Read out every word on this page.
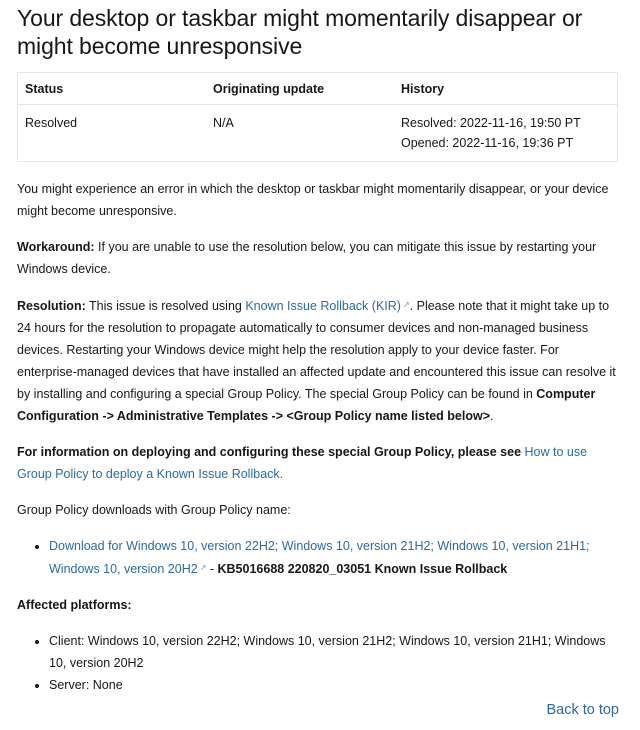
Your desktop or taskbar might momentarily disappear or might become unresponsive
Status	Originating update	History
Resolved	N/A	Resolved: 2022-11-16, 19:50 PT
Opened: 2022-11-16, 19:36 PT

You might experience an error in which the desktop or taskbar might momentarily disappear, or your device might become unresponsive.

Workaround: If you are unable to use the resolution below, you can mitigate this issue by restarting your Windows device.

Resolution: This issue is resolved using Known Issue Rollback (KIR) ↗. Please note that it might take up to 24 hours for the resolution to propagate automatically to consumer devices and non-managed business devices. Restarting your Windows device might help the resolution apply to your device faster. For enterprise-managed devices that have installed an affected update and encountered this issue can resolve it by installing and configuring a special Group Policy. The special Group Policy can be found in Computer Configuration -> Administrative Templates -> <Group Policy name listed below>.

For information on deploying and configuring these special Group Policy, please see How to use Group Policy to deploy a Known Issue Rollback.

Group Policy downloads with Group Policy name:

• Download for Windows 10, version 22H2; Windows 10, version 21H2; Windows 10, version 21H1; Windows 10, version 20H2 ↗ - KB5016688 220820_03051 Known Issue Rollback

Affected platforms:

• Client: Windows 10, version 22H2; Windows 10, version 21H2; Windows 10, version 21H1; Windows 10, version 20H2
• Server: None
Back to top
